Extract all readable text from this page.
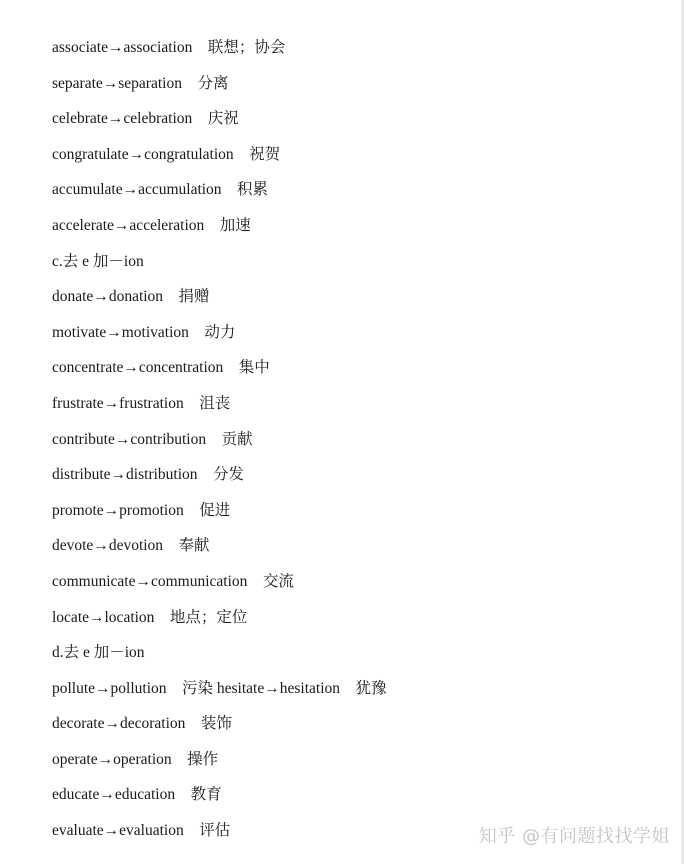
associate→association　联想；协会
separate→separation　分离
celebrate→celebration　庆祝
congratulate→congratulation　祝贺
accumulate→accumulation　积累
accelerate→acceleration　加速
c.去 e 加－ion
donate→donation　捐赠
motivate→motivation　动力
concentrate→concentration　集中
frustrate→frustration　沮丧
contribute→contribution　贡献
distribute→distribution　分发
promote→promotion　促进
devote→devotion　奉献
communicate→communication　交流
locate→location　地点；定位
d.去 e 加－ion
pollute→pollution　污染 hesitate→hesitation　犹豫
decorate→decoration　装饰
operate→operation　操作
educate→education　教育
evaluate→evaluation　评估	知乎 @有问题找找学姐
